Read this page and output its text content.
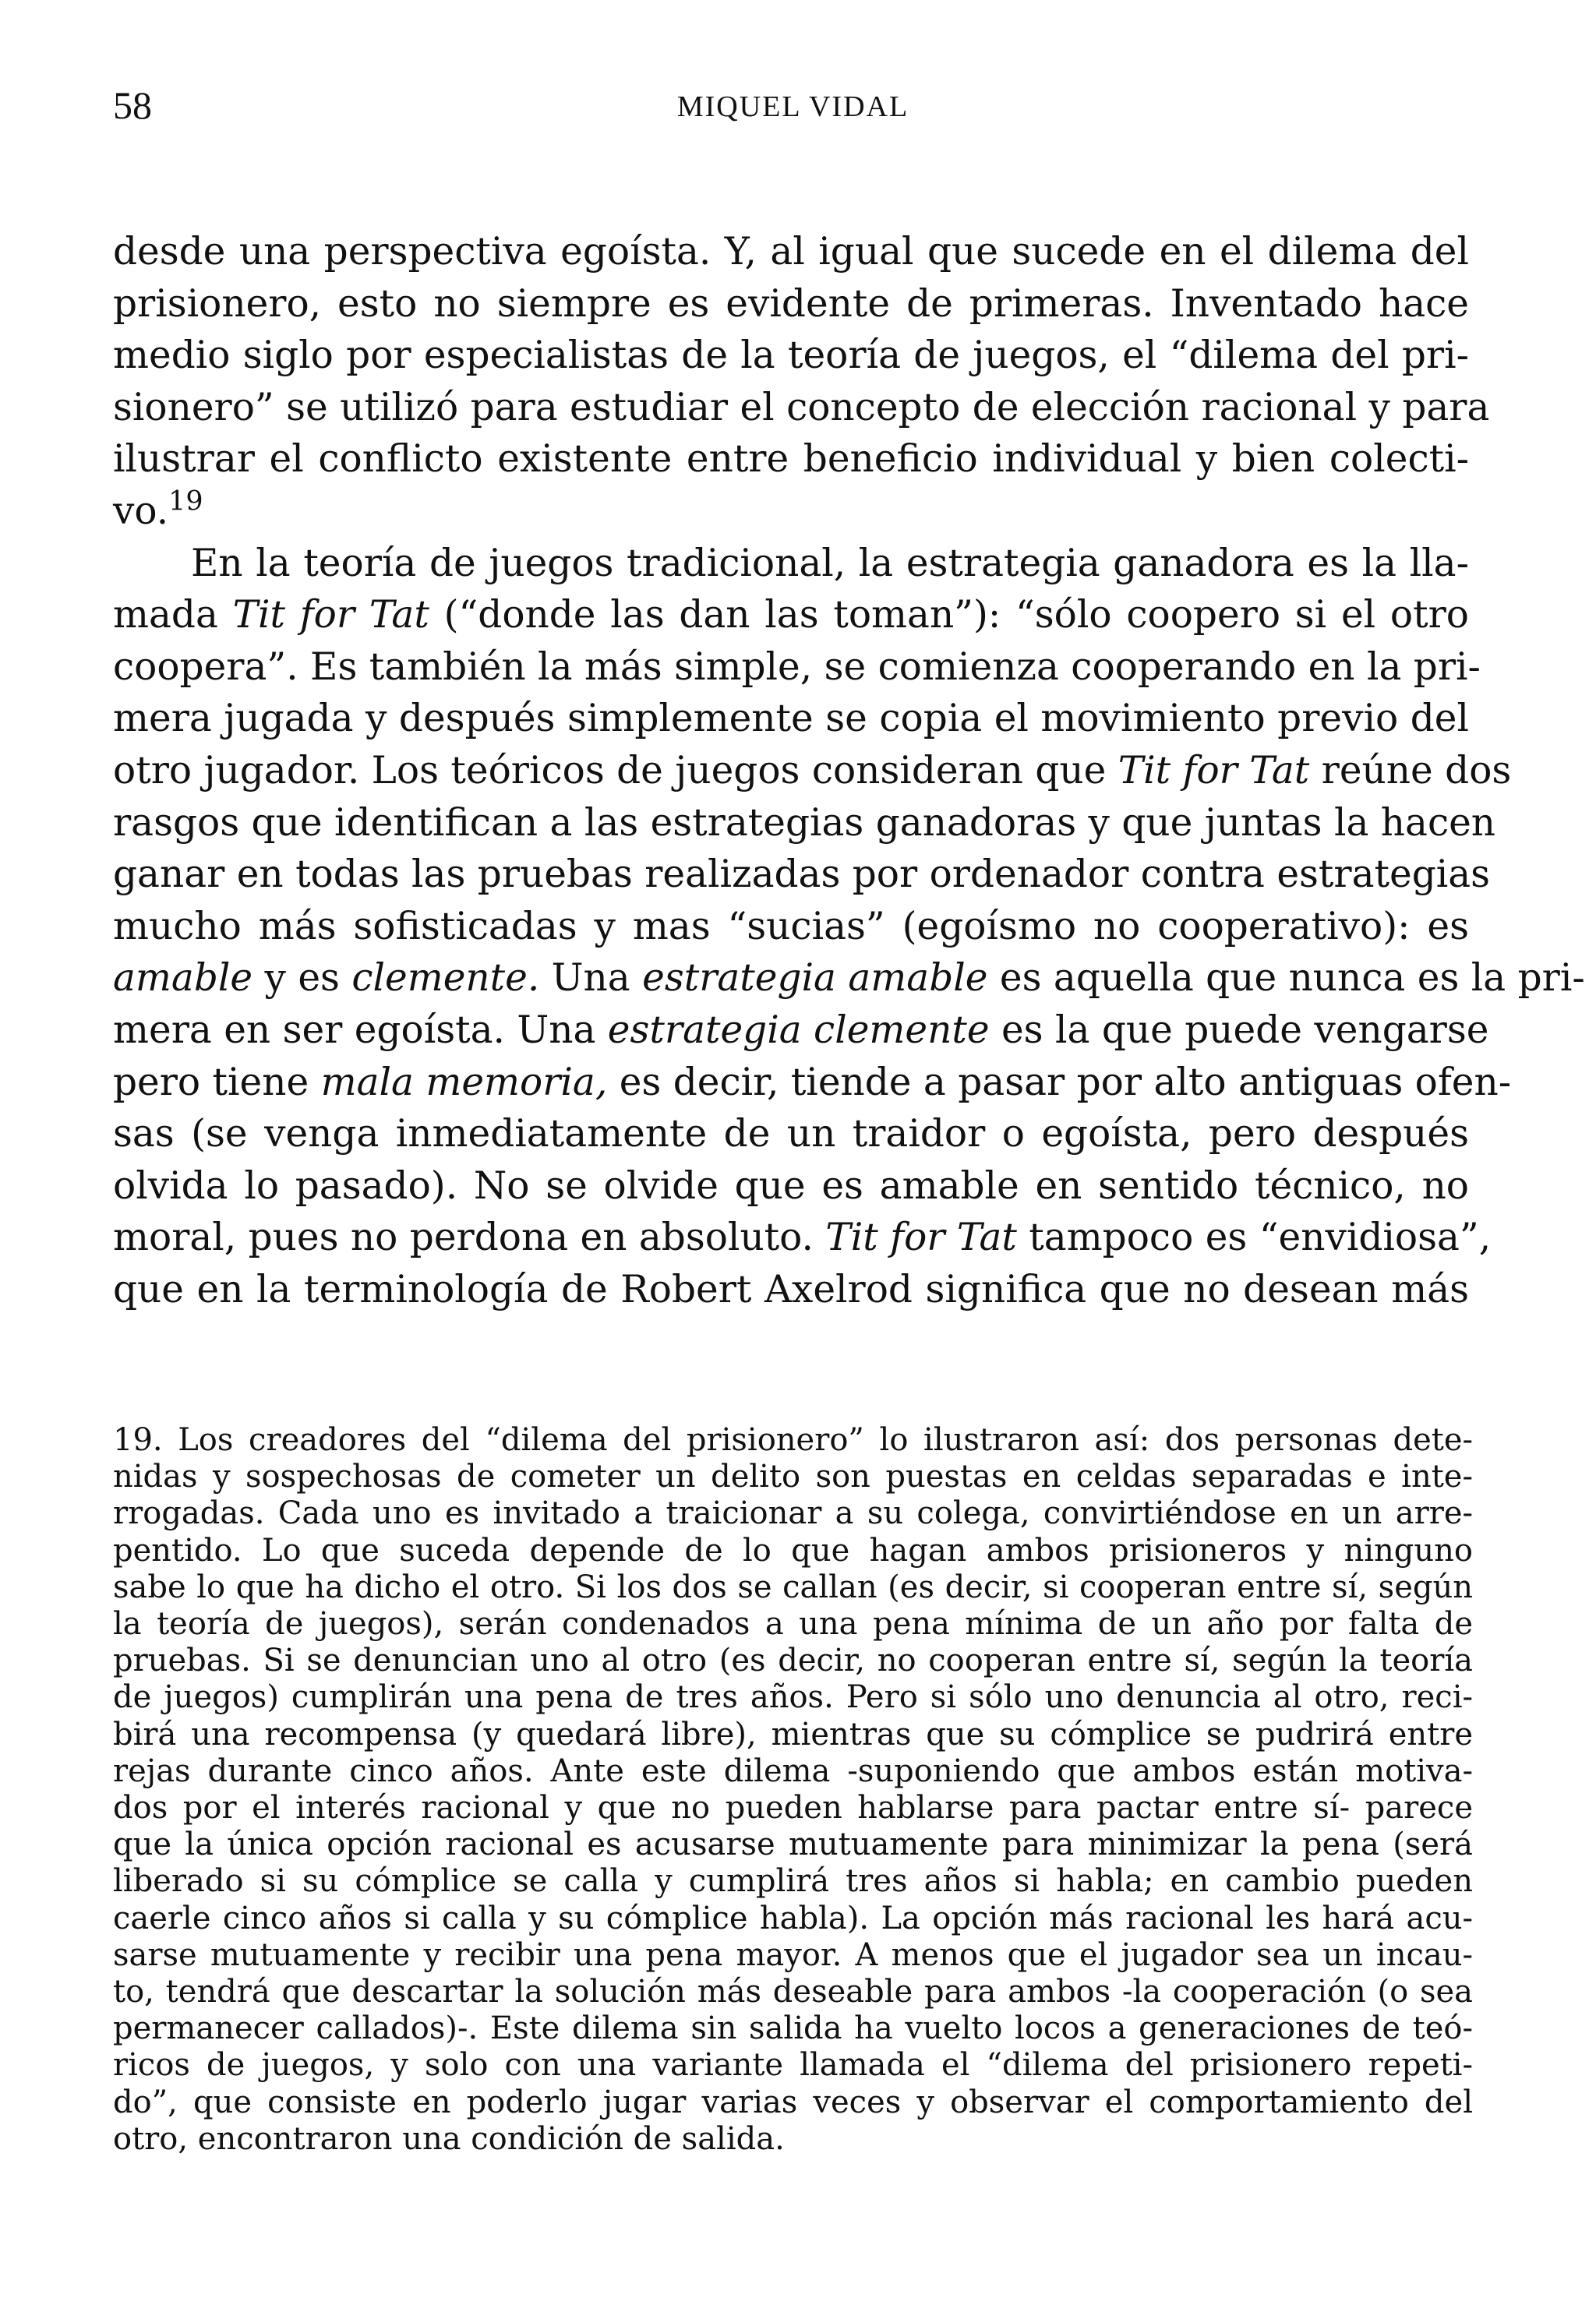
58	MIQUEL VIDAL
desde una perspectiva egoísta. Y, al igual que sucede en el dilema del
prisionero, esto no siempre es evidente de primeras. Inventado hace
medio siglo por especialistas de la teoría de juegos, el “dilema del pri-
sionero” se utilizó para estudiar el concepto de elección racional y para
ilustrar el conflicto existente entre beneficio individual y bien colecti-
vo.$^{19}$
En la teoría de juegos tradicional, la estrategia ganadora es la lla-
mada Tit for Tat (“donde las dan las toman”): “sólo coopero si el otro
coopera”. Es también la más simple, se comienza cooperando en la pri-
mera jugada y después simplemente se copia el movimiento previo del
otro jugador. Los teóricos de juegos consideran que Tit for Tat reúne dos
rasgos que identifican a las estrategias ganadoras y que juntas la hacen
ganar en todas las pruebas realizadas por ordenador contra estrategias
mucho más sofisticadas y mas “sucias” (egoísmo no cooperativo): es
amable y es clemente. Una estrategia amable es aquella que nunca es la pri-
mera en ser egoísta. Una estrategia clemente es la que puede vengarse
pero tiene mala memoria, es decir, tiende a pasar por alto antiguas ofen-
sas (se venga inmediatamente de un traidor o egoísta, pero después
olvida lo pasado). No se olvide que es amable en sentido técnico, no
moral, pues no perdona en absoluto. Tit for Tat tampoco es “envidiosa”,
que en la terminología de Robert Axelrod significa que no desean más
19. Los creadores del “dilema del prisionero” lo ilustraron así: dos personas dete-
nidas y sospechosas de cometer un delito son puestas en celdas separadas e inte-
rrogadas. Cada uno es invitado a traicionar a su colega, convirtiéndose en un arre-
pentido. Lo que suceda depende de lo que hagan ambos prisioneros y ninguno
sabe lo que ha dicho el otro. Si los dos se callan (es decir, si cooperan entre sí, según
la teoría de juegos), serán condenados a una pena mínima de un año por falta de
pruebas. Si se denuncian uno al otro (es decir, no cooperan entre sí, según la teoría
de juegos) cumplirán una pena de tres años. Pero si sólo uno denuncia al otro, reci-
birá una recompensa (y quedará libre), mientras que su cómplice se pudrirá entre
rejas durante cinco años. Ante este dilema -suponiendo que ambos están motiva-
dos por el interés racional y que no pueden hablarse para pactar entre sí- parece
que la única opción racional es acusarse mutuamente para minimizar la pena (será
liberado si su cómplice se calla y cumplirá tres años si habla; en cambio pueden
caerle cinco años si calla y su cómplice habla). La opción más racional les hará acu-
sarse mutuamente y recibir una pena mayor. A menos que el jugador sea un incau-
to, tendrá que descartar la solución más deseable para ambos -la cooperación (o sea
permanecer callados)-. Este dilema sin salida ha vuelto locos a generaciones de teó-
ricos de juegos, y solo con una variante llamada el “dilema del prisionero repeti-
do”, que consiste en poderlo jugar varias veces y observar el comportamiento del
otro, encontraron una condición de salida.
